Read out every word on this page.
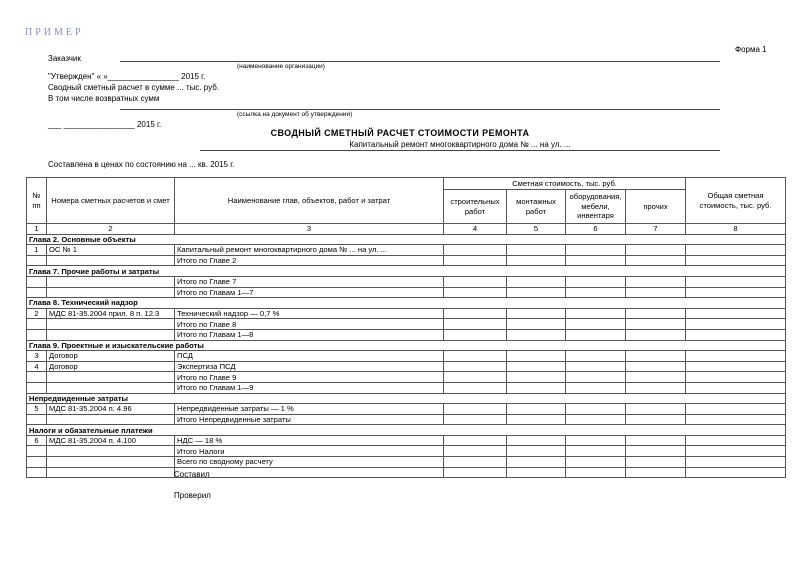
ПРИМЕР
Форма 1
Заказчик
(наименование организации)
"Утвержден" « »________________ 2015 г.
Сводный сметный расчет в сумме ... тыс. руб.
В том числе возвратных сумм
(ссылка на документ об утверждении)
___ ________________ 2015 г.
СВОДНЫЙ СМЕТНЫЙ РАСЧЕТ СТОИМОСТИ РЕМОНТА
Капитальный ремонт многоквартирного дома № ... на ул. ...
Составлена в ценах по состоянию на ... кв. 2015 г.
№ пп	Номера сметных расчетов и смет	Наименование глав, объектов, работ и затрат	Сметная стоимость, тыс. руб.				Общая сметная стоимость, тыс. руб.
			строительных работ	монтажных работ	оборудования, мебели, инвентаря	прочих	
1	2	3	4	5	6	7	8
Глава 2. Основные объекты							
1	ОС № 1	Капитальный ремонт многоквартирного дома № ... на ул. ...					
		Итого по Главе 2					
Глава 7. Прочие работы и затраты							
		Итого по Главе 7					
		Итого по Главам 1—7					
Глава 8. Технический надзор							
2	МДС 81-35.2004 прил. 8 п. 12.3	Технический надзор — 0,7 %					
		Итого по Главе 8					
		Итого по Главам 1—8					
Глава 9. Проектные и изыскательские работы							
3	Договор	ПСД					
4	Договор	Экспертиза ПСД					
		Итого по Главе 9					
		Итого по Главам 1—9					
Непредвиденные затраты							
5	МДС 81-35.2004 п. 4.96	Непредвиденные затраты — 1 %					
		Итого Непредвиденные затраты					
Налоги и обязательные платежи							
6	МДС 81-35.2004 п. 4.100	НДС — 18 %					
		Итого Налоги					
		Всего по сводному расчету					

Составил
Проверил
